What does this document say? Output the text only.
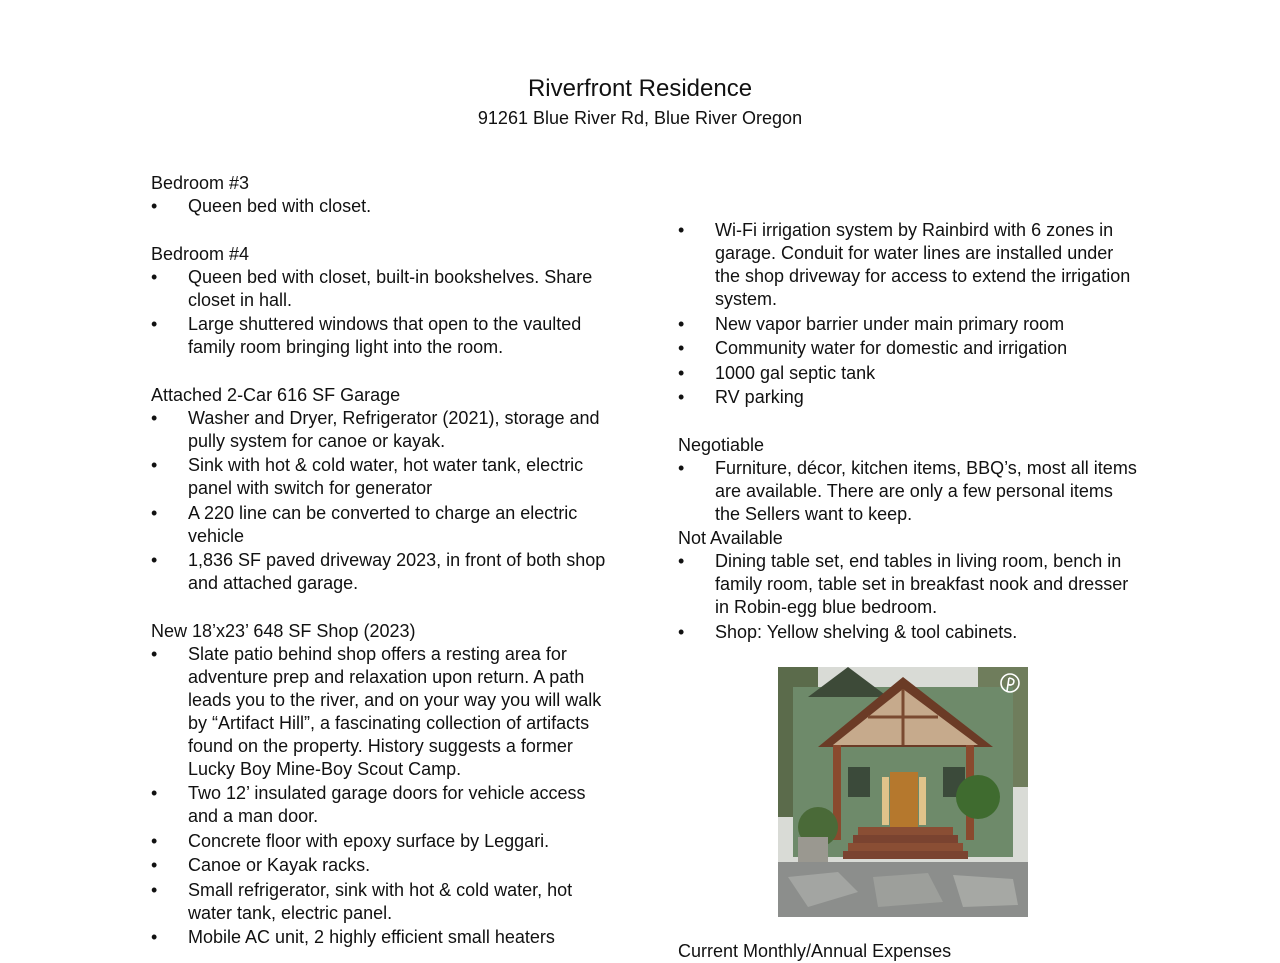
Riverfront Residence
91261 Blue River Rd, Blue River Oregon
Bedroom #3
• Queen bed with closet.
Bedroom #4
• Queen bed with closet, built-in bookshelves. Share closet in hall.
• Large shuttered windows that open to the vaulted family room bringing light into the room.
Attached 2-Car 616 SF Garage
• Washer and Dryer, Refrigerator (2021), storage and pully system for canoe or kayak.
• Sink with hot & cold water, hot water tank, electric panel with switch for generator
• A 220 line can be converted to charge an electric vehicle
• 1,836 SF paved driveway 2023, in front of both shop and attached garage.
New 18’x23’ 648 SF Shop (2023)
• Slate patio behind shop offers a resting area for adventure prep and relaxation upon return. A path leads you to the river, and on your way you will walk by “Artifact Hill”, a fascinating collection of artifacts found on the property. History suggests a former Lucky Boy Mine-Boy Scout Camp.
• Two 12’ insulated garage doors for vehicle access and a man door.
• Concrete floor with epoxy surface by Leggari.
• Canoe or Kayak racks.
• Small refrigerator, sink with hot & cold water, hot water tank, electric panel.
• Mobile AC unit, 2 highly efficient small heaters
• Wi-Fi irrigation system by Rainbird with 6 zones in garage. Conduit for water lines are installed under the shop driveway for access to extend the irrigation system.
• New vapor barrier under main primary room
• Community water for domestic and irrigation
• 1000 gal septic tank
• RV parking
Negotiable
• Furniture, décor, kitchen items, BBQ’s, most all items are available. There are only a few personal items the Sellers want to keep.
Not Available
• Dining table set, end tables in living room, bench in family room, table set in breakfast nook and dresser in Robin-egg blue bedroom.
• Shop: Yellow shelving & tool cabinets.
Current Monthly/Annual Expenses
